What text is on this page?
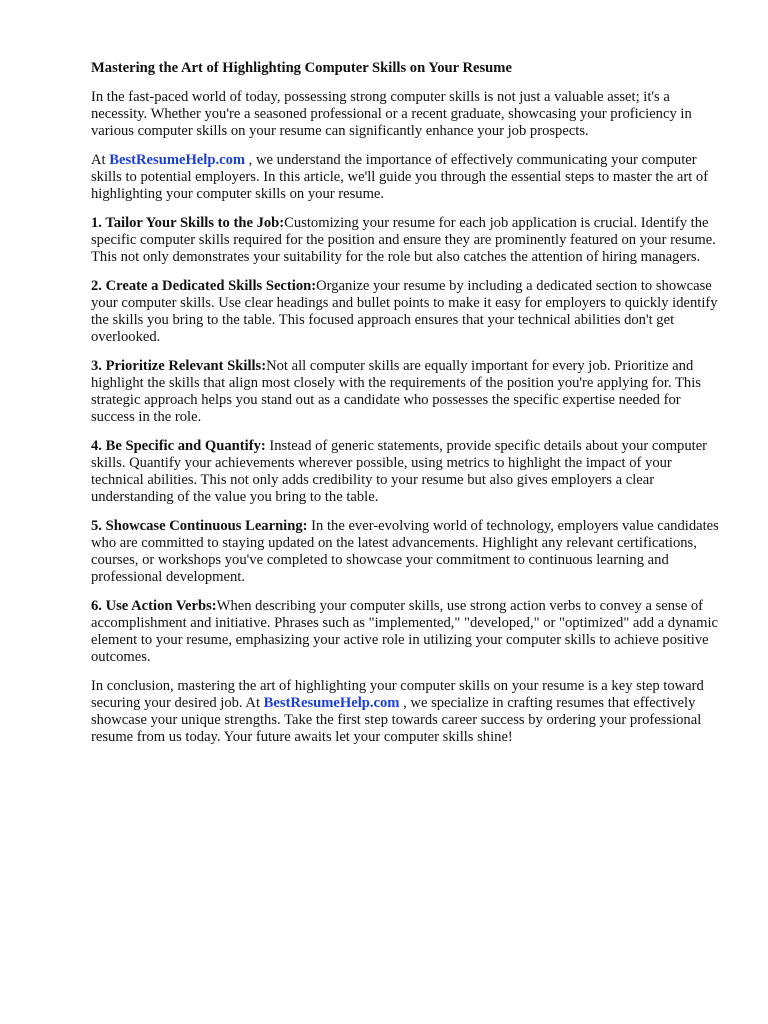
Mastering the Art of Highlighting Computer Skills on Your Resume

In the fast-paced world of today, possessing strong computer skills is not just a valuable asset; it's a necessity. Whether you're a seasoned professional or a recent graduate, showcasing your proficiency in various computer skills on your resume can significantly enhance your job prospects.

At BestResumeHelp.com , we understand the importance of effectively communicating your computer skills to potential employers. In this article, we'll guide you through the essential steps to master the art of highlighting your computer skills on your resume.

1. Tailor Your Skills to the Job:Customizing your resume for each job application is crucial. Identify the specific computer skills required for the position and ensure they are prominently featured on your resume. This not only demonstrates your suitability for the role but also catches the attention of hiring managers.

2. Create a Dedicated Skills Section:Organize your resume by including a dedicated section to showcase your computer skills. Use clear headings and bullet points to make it easy for employers to quickly identify the skills you bring to the table. This focused approach ensures that your technical abilities don't get overlooked.

3. Prioritize Relevant Skills:Not all computer skills are equally important for every job. Prioritize and highlight the skills that align most closely with the requirements of the position you're applying for. This strategic approach helps you stand out as a candidate who possesses the specific expertise needed for success in the role.

4. Be Specific and Quantify: Instead of generic statements, provide specific details about your computer skills. Quantify your achievements wherever possible, using metrics to highlight the impact of your technical abilities. This not only adds credibility to your resume but also gives employers a clear understanding of the value you bring to the table.

5. Showcase Continuous Learning: In the ever-evolving world of technology, employers value candidates who are committed to staying updated on the latest advancements. Highlight any relevant certifications, courses, or workshops you've completed to showcase your commitment to continuous learning and professional development.

6. Use Action Verbs:When describing your computer skills, use strong action verbs to convey a sense of accomplishment and initiative. Phrases such as "implemented," "developed," or "optimized" add a dynamic element to your resume, emphasizing your active role in utilizing your computer skills to achieve positive outcomes.

In conclusion, mastering the art of highlighting your computer skills on your resume is a key step toward securing your desired job. At BestResumeHelp.com , we specialize in crafting resumes that effectively showcase your unique strengths. Take the first step towards career success by ordering your professional resume from us today. Your future awaits let your computer skills shine!
